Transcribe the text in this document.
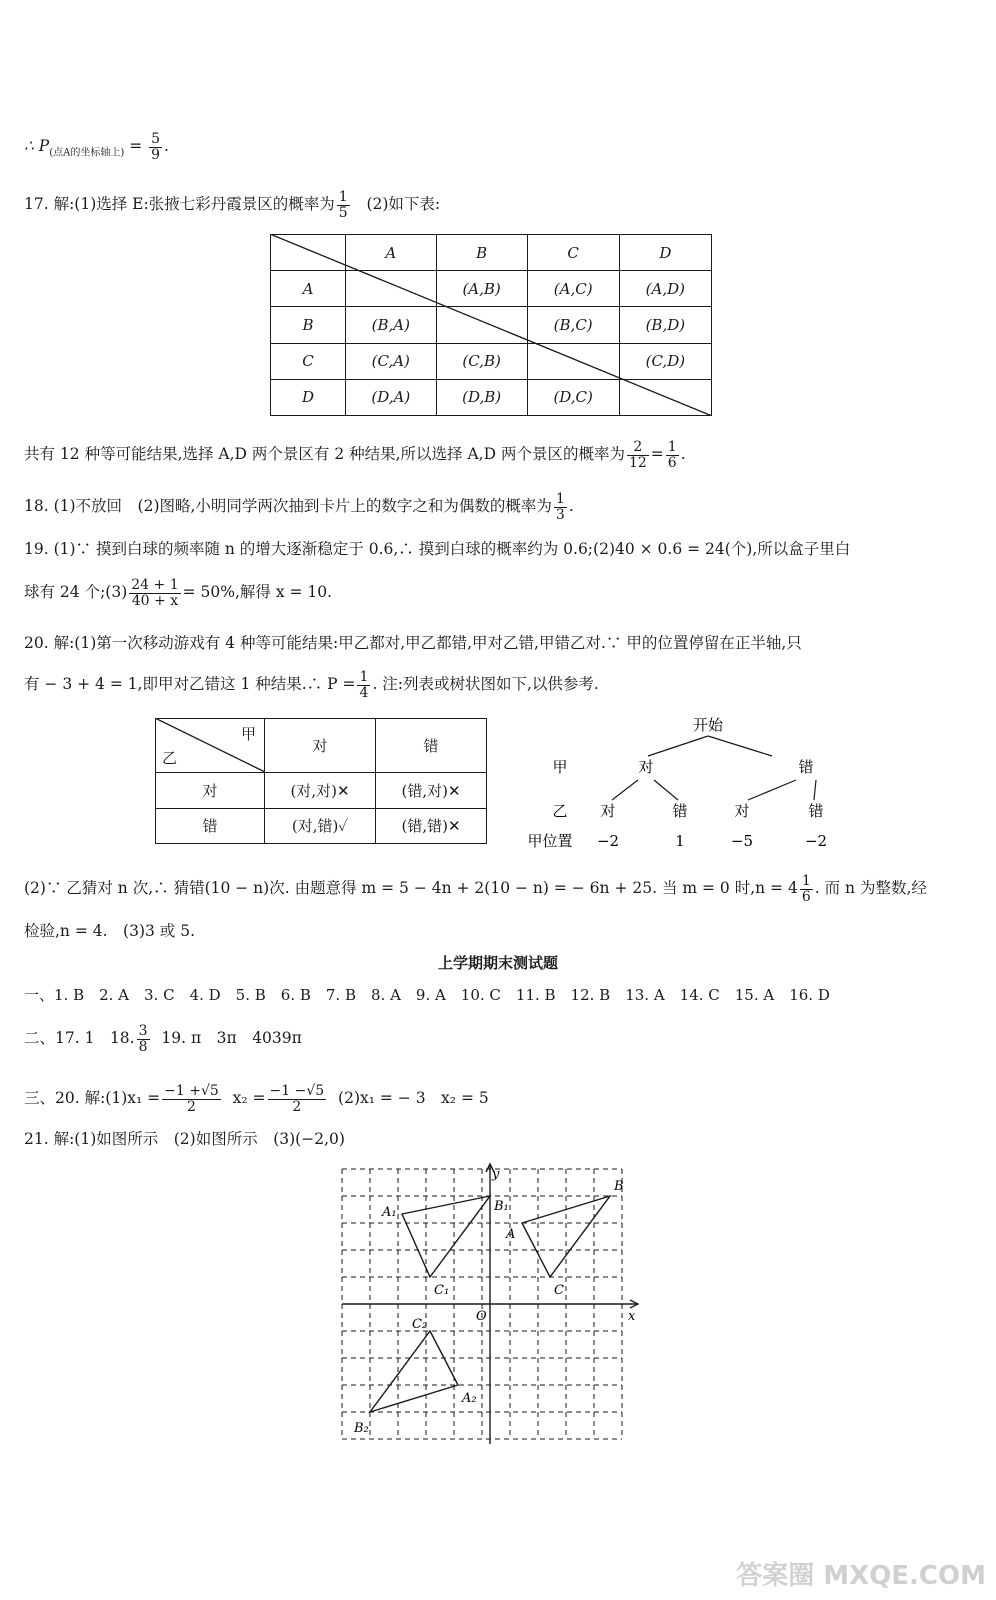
∴ $P_{(点A的坐标轴上)} = \frac{5}{9}$ .
17. 解:(1)选择 E:张掖七彩丹霞景区的概率为 $\frac{1}{5} (2)$如下表:
	A	B	C	D
A		(A,B)	(A,C)	(A,D)
B	(B,A)		(B,C)	(B,D)
C	(C,A)	(C,B)		(C,D)
D	(D,A)	(D,B)	(D,C)	
共有 12 种等可能结果,选择 A,D 两个景区有 2 种结果,所以选择 A,D 两个景区的概率为 $\frac{2}{12} = \frac{1}{6}$ .
18. (1)不放回　(2)图略,小明同学两次抽到卡片上的数字之和为偶数的概率为 $\frac{1}{3}$ .
19. (1)∵ 摸到白球的频率随 n 的增大逐渐稳定于 0.6,∴ 摸到白球的概率约为 0.6;(2)40 × 0.6 = 24(个),所以盒子里白
球有 24 个;(3) $\frac{24 + 1}{40 + x} = 50\%$,解得 x = 10.
20. 解:(1)第一次移动游戏有 4 种等可能结果:甲乙都对,甲乙都错,甲对乙错,甲错乙对.∵ 甲的位置停留在正半轴,只
有 − 3 + 4 = 1,即甲对乙错这 1 种结果.∴ $P = \frac{1}{4}$ . 注:列表或树状图如下,以供参考.
甲
乙	对	错
对	(对,对)✕	(错,对)✕
错	(对,错)✓	(错,错)✕
开始
甲	对	错
乙 对	错	对	错
甲位置 −2	1	−5	−2
(2)∵ 乙猜对 n 次,∴ 猜错(10 − n)次. 由题意得 m = 5 − 4n + 2(10 − n) = − 6n + 25. 当 m = 0 时$,n = 4 \frac{1}{6}$ . 而 n 为整数,经
检验,n = 4.　(3)3 或 5.
上学期期末测试题
一、1. B　2. A　3. C　4. D　5. B　6. B　7. B　8. A　9. A　10. C　11. B　12. B　13. A　14. C　15. A　16. D
二、17. 1　18. $\frac{3}{8} 19$. π　3π　4039π
三、20. 解:(1)x₁ = $\frac{-1 +√5}{2} x_2 = \frac{-1 -√5}{2} (2)x_1$ = − 3　x₂ = 5
21. 解:(1)如图所示　(2)如图所示　(3)(−2,0)
y
x
O
A₁	B₁
C₁
A
B
C
C₂
A₂
B₂
答案圈 MXQE.COM
